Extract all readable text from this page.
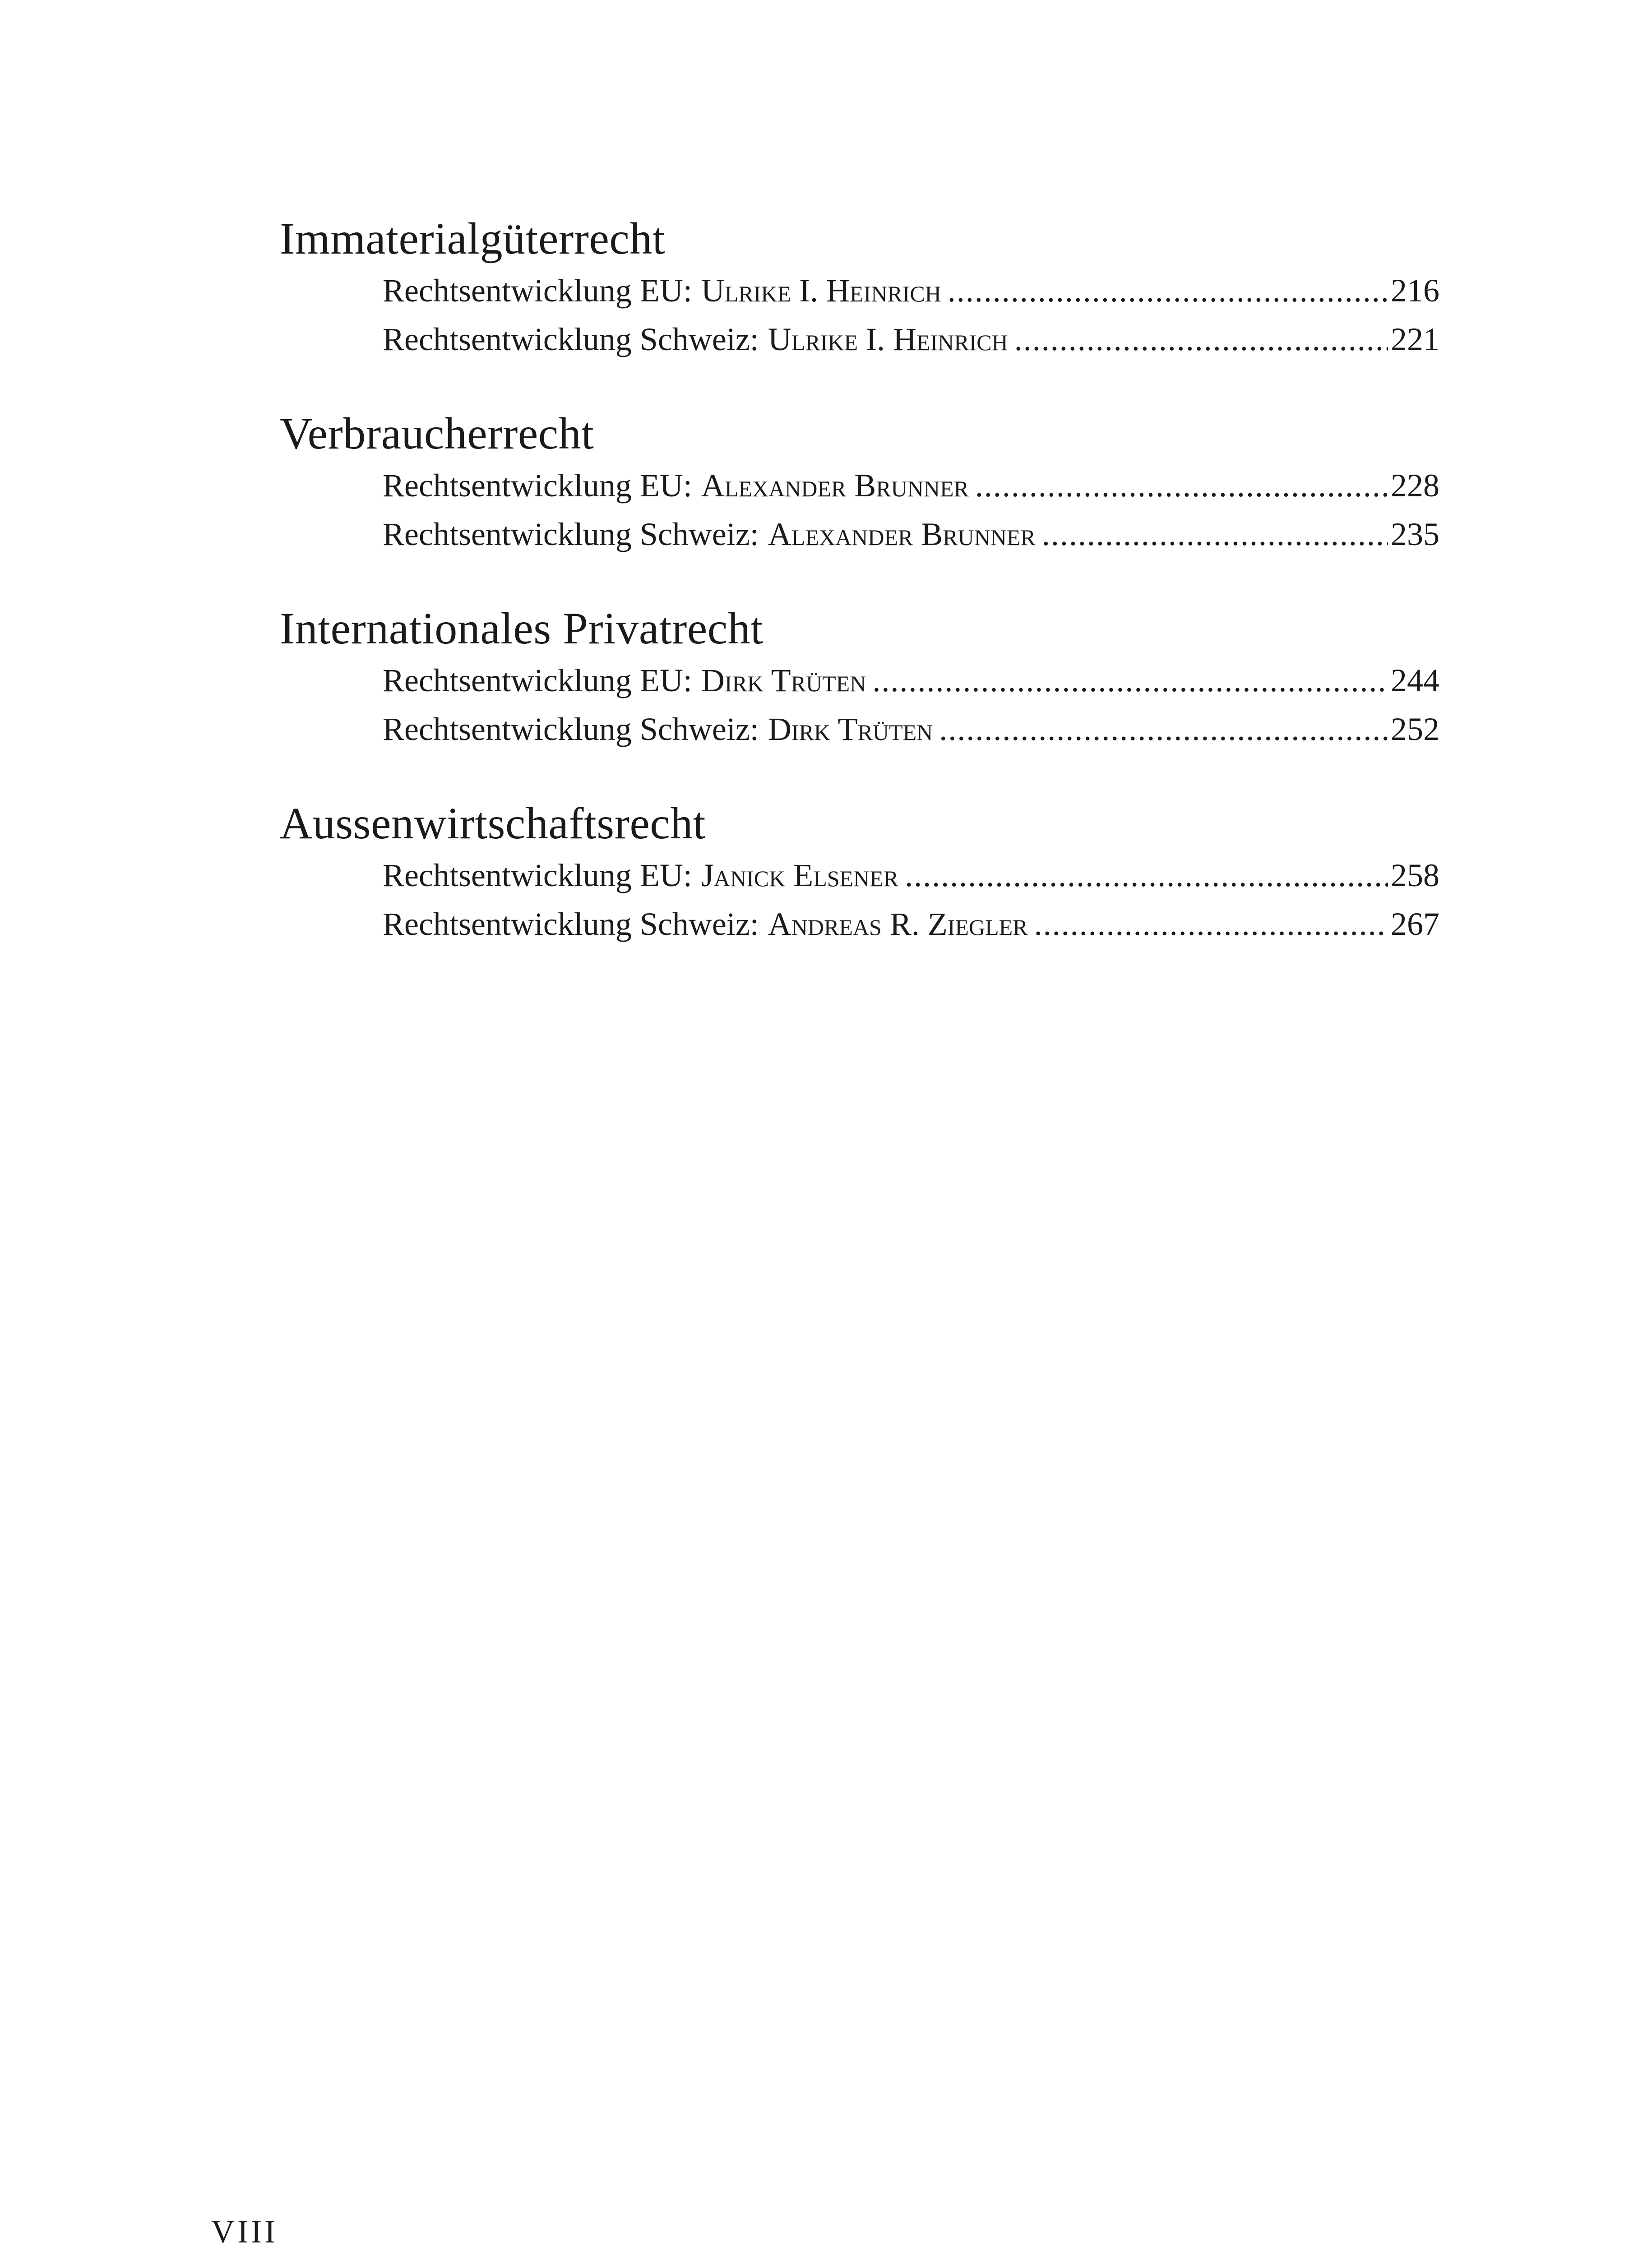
Immaterialgüterrecht
Rechtsentwicklung EU: Ulrike I. Heinrich .....	216
Rechtsentwicklung Schweiz: Ulrike I. Heinrich .....	221
Verbraucherrecht
Rechtsentwicklung EU: Alexander Brunner .....	228
Rechtsentwicklung Schweiz: Alexander Brunner .....	235
Internationales Privatrecht
Rechtsentwicklung EU: Dirk Trüten .....	244
Rechtsentwicklung Schweiz: Dirk Trüten .....	252
Aussenwirtschaftsrecht
Rechtsentwicklung EU: Janick Elsener .....	258
Rechtsentwicklung Schweiz: Andreas R. Ziegler .....	267
VIII
